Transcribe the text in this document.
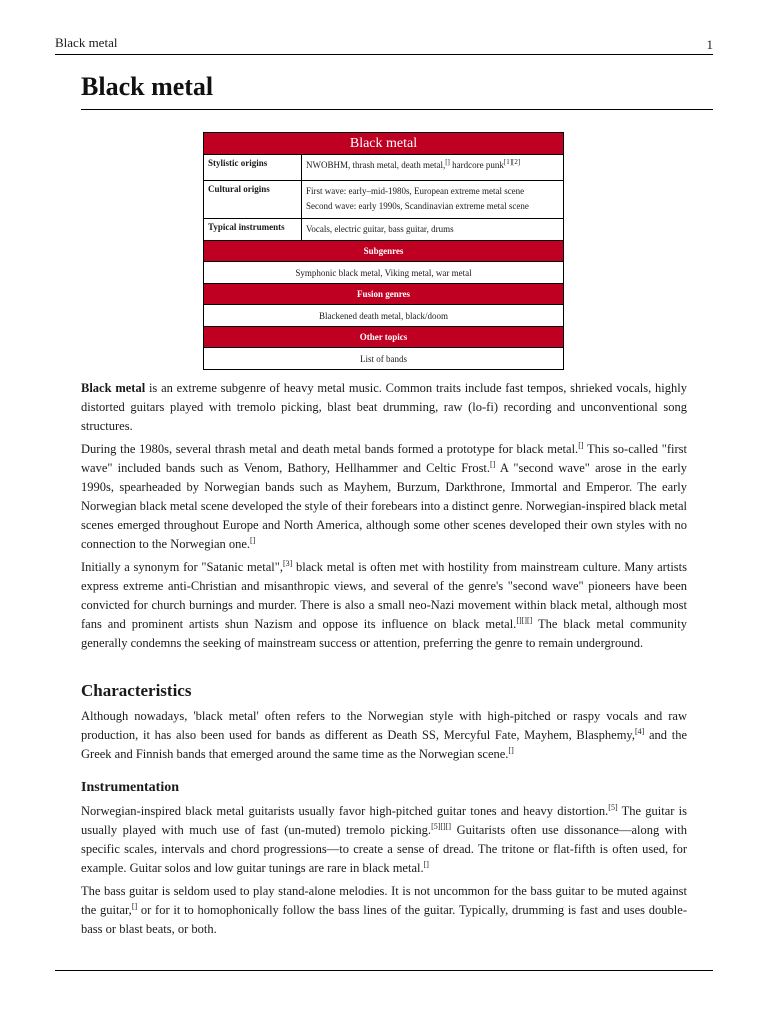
Black metal	1
Black metal
Black metal	
Stylistic origins	NWOBHM, thrash metal, death metal,[] hardcore punk[1][2]
Cultural origins	First wave: early–mid-1980s, European extreme metal scene
Second wave: early 1990s, Scandinavian extreme metal scene

Typical instruments	Vocals, electric guitar, bass guitar, drums
Subgenres	
Symphonic black metal, Viking metal, war metal	
Fusion genres	
Blackened death metal, black/doom	
Other topics	
List of bands	

Black metal is an extreme subgenre of heavy metal music. Common traits include fast tempos, shrieked vocals, highly distorted guitars played with tremolo picking, blast beat drumming, raw (lo-fi) recording and unconventional song structures.

During the 1980s, several thrash metal and death metal bands formed a prototype for black metal.[] This so-called "first wave" included bands such as Venom, Bathory, Hellhammer and Celtic Frost.[] A "second wave" arose in the early 1990s, spearheaded by Norwegian bands such as Mayhem, Burzum, Darkthrone, Immortal and Emperor. The early Norwegian black metal scene developed the style of their forebears into a distinct genre. Norwegian-inspired black metal scenes emerged throughout Europe and North America, although some other scenes developed their own styles with no connection to the Norwegian one.[]

Initially a synonym for "Satanic metal",[3] black metal is often met with hostility from mainstream culture. Many artists express extreme anti-Christian and misanthropic views, and several of the genre's "second wave" pioneers have been convicted for church burnings and murder. There is also a small neo-Nazi movement within black metal, although most fans and prominent artists shun Nazism and oppose its influence on black metal.[][][] The black metal community generally condemns the seeking of mainstream success or attention, preferring the genre to remain underground.

Characteristics

Although nowadays, 'black metal' often refers to the Norwegian style with high-pitched or raspy vocals and raw production, it has also been used for bands as different as Death SS, Mercyful Fate, Mayhem, Blasphemy,[4] and the Greek and Finnish bands that emerged around the same time as the Norwegian scene.[]

Instrumentation

Norwegian-inspired black metal guitarists usually favor high-pitched guitar tones and heavy distortion.[5] The guitar is usually played with much use of fast (un-muted) tremolo picking.[5][][] Guitarists often use dissonance—along with specific scales, intervals and chord progressions—to create a sense of dread. The tritone or flat-fifth is often used, for example. Guitar solos and low guitar tunings are rare in black metal.[]

The bass guitar is seldom used to play stand-alone melodies. It is not uncommon for the bass guitar to be muted against the guitar,[] or for it to homophonically follow the bass lines of the guitar. Typically, drumming is fast and uses double-bass or blast beats, or both.
